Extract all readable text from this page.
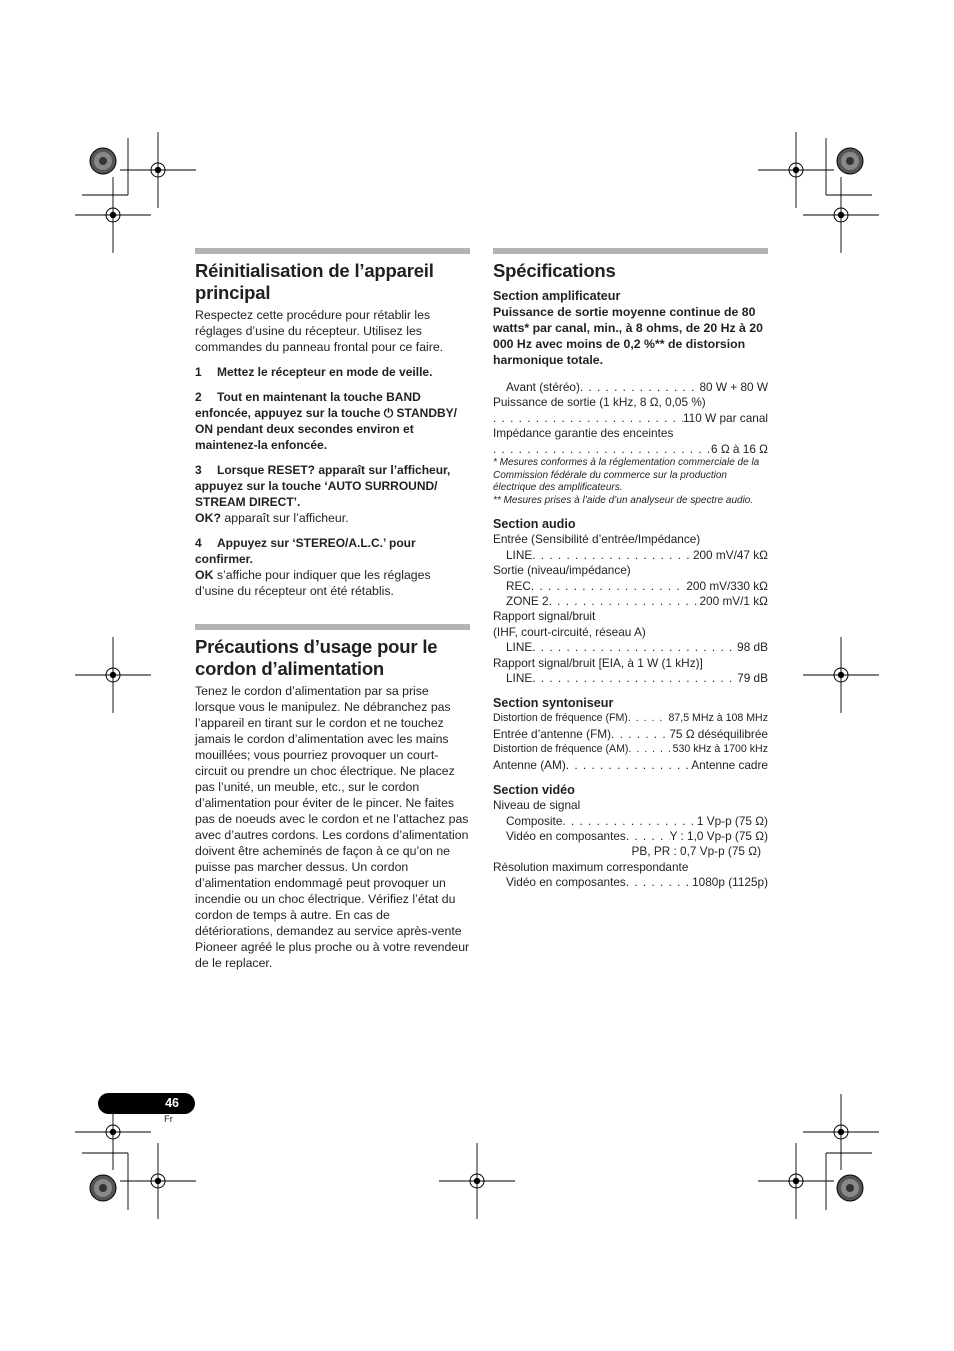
Réinitialisation de l’appareil principal

Respectez cette procédure pour rétablir les réglages d’usine du récepteur. Utilisez les commandes du panneau frontal pour ce faire.

1 Mettez le récepteur en mode de veille.
2 Tout en maintenant la touche BAND enfoncée, appuyez sur la touche ⏻ STANDBY/ ON pendant deux secondes environ et maintenez-la enfoncée.
3 Lorsque RESET? apparaît sur l’afficheur, appuyez sur la touche ‘AUTO SURROUND/ STREAM DIRECT’.
OK? apparaît sur l’afficheur.
4 Appuyez sur ‘STEREO/A.L.C.’ pour confirmer.
OK s’affiche pour indiquer que les réglages d’usine du récepteur ont été rétablis.
Précautions d’usage pour le cordon d’alimentation

Tenez le cordon d’alimentation par sa prise lorsque vous le manipulez. Ne débranchez pas l’appareil en tirant sur le cordon et ne touchez jamais le cordon d’alimentation avec les mains mouillées; vous pourriez provoquer un court-circuit ou prendre un choc électrique. Ne placez pas l’unité, un meuble, etc., sur le cordon d’alimentation pour éviter de le pincer. Ne faites pas de noeuds avec le cordon et ne l’attachez pas avec d’autres cordons. Les cordons d’alimentation doivent être acheminés de façon à ce qu’on ne puisse pas marcher dessus. Un cordon d’alimentation endommagé peut provoquer un incendie ou un choc électrique. Vérifiez l’état du cordon de temps à autre. En cas de détériorations, demandez au service après-vente Pioneer agréé le plus proche ou à votre revendeur de le replacer.

Spécifications
Section amplificateur
Puissance de sortie moyenne continue de 80 watts* par canal, min., à 8 ohms, de 20 Hz à 20 000 Hz avec moins de 0,2 %** de distorsion harmonique totale.
Avant (stéréo) . . .	80 W + 80 W
Puissance de sortie (1 kHz, 8 Ω, 0,05 %)
. . .
110 W par canal
Impédance garantie des enceintes
. . .
6 Ω à 16 Ω
* Mesures conformes à la réglementation commerciale de la Commission fédérale du commerce sur la production électrique des amplificateurs.
** Mesures prises à l’aide d’un analyseur de spectre audio.
Section audio
Entrée (Sensibilité d’entrée/Impédance)
LINE . . .	200 mV/47 kΩ
Sortie (niveau/impédance)
REC . . .	200 mV/330 kΩ
ZONE 2 . . .	200 mV/1 kΩ
Rapport signal/bruit
(IHF, court-circuité, réseau A)
LINE . . .	98 dB
Rapport signal/bruit [EIA, à 1 W (1 kHz)]
LINE . . .	79 dB
Section syntoniseur
Distortion de fréquence (FM) . . .	87,5 MHz à 108 MHz
Entrée d’antenne (FM) . . .	75 Ω déséquilibrée
Distortion de fréquence (AM) . . .	530 kHz à 1700 kHz
Antenne (AM) . . .	Antenne cadre
Section vidéo
Niveau de signal
Composite . . .	1 Vp-p (75 Ω)
Vidéo en composantes . . .	Y : 1,0 Vp-p (75 Ω)
PB, PR : 0,7 Vp-p (75 Ω)
Résolution maximum correspondante
Vidéo en composantes . . .	1080p (1125p)
46
Fr
